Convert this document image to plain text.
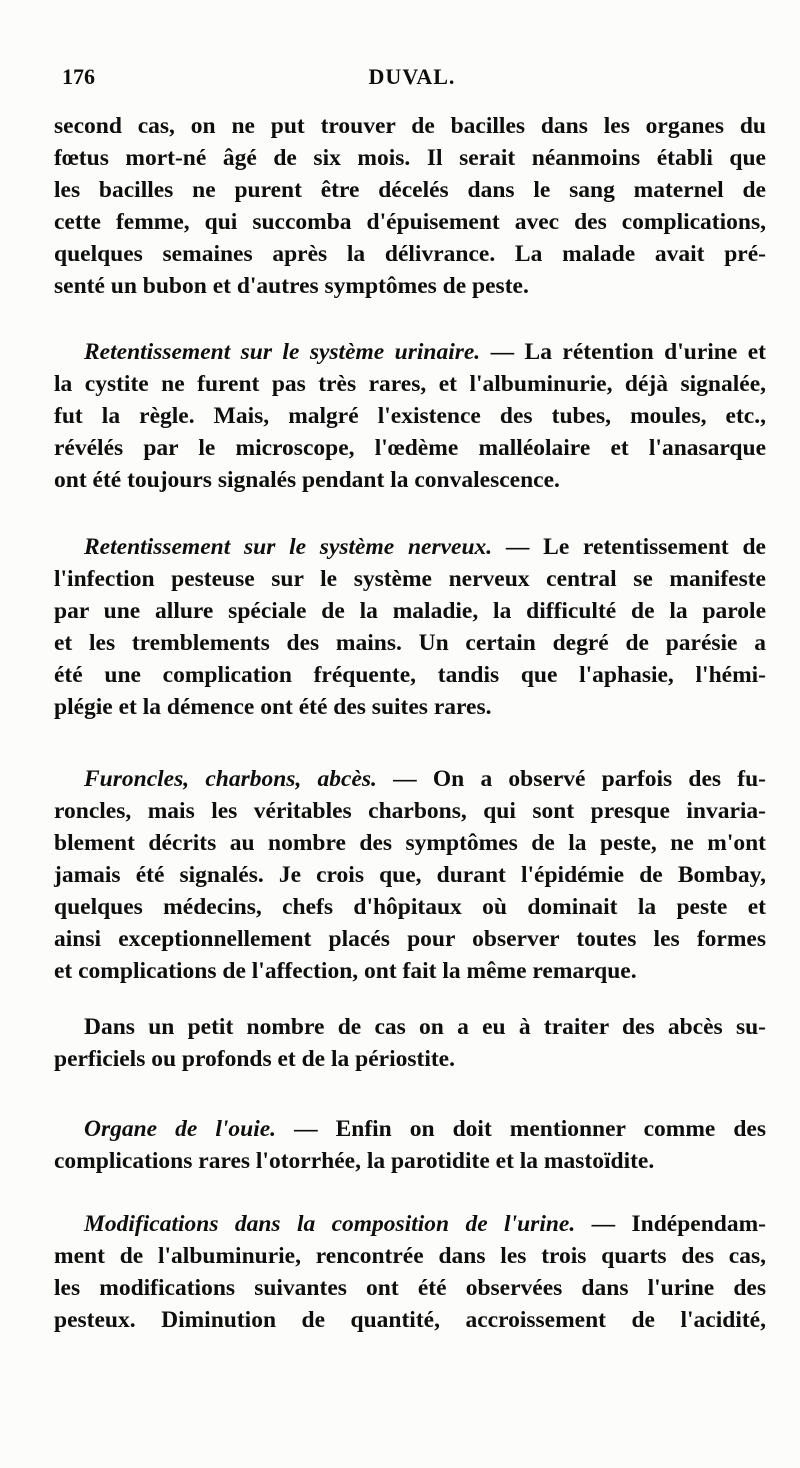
DUVAL.
176
second cas, on ne put trouver de bacilles dans les organes du
fœtus mort-né âgé de six mois. Il serait néanmoins établi que
les bacilles ne purent être décelés dans le sang maternel de
cette femme, qui succomba d'épuisement avec des complications,
quelques semaines après la délivrance. La malade avait pré-
senté un bubon et d'autres symptômes de peste.
Retentissement sur le système urinaire. — La rétention d'urine et
la cystite ne furent pas très rares, et l'albuminurie, déjà signalée,
fut la règle. Mais, malgré l'existence des tubes, moules, etc.,
révélés par le microscope, l'œdème malléolaire et l'anasarque
ont été toujours signalés pendant la convalescence.
Retentissement sur le système nerveux. — Le retentissement de
l'infection pesteuse sur le système nerveux central se manifeste
par une allure spéciale de la maladie, la difficulté de la parole
et les tremblements des mains. Un certain degré de parésie a
été une complication fréquente, tandis que l'aphasie, l'hémi-
plégie et la démence ont été des suites rares.
Furoncles, charbons, abcès. — On a observé parfois des fu-
roncles, mais les véritables charbons, qui sont presque invaria-
blement décrits au nombre des symptômes de la peste, ne m'ont
jamais été signalés. Je crois que, durant l'épidémie de Bombay,
quelques médecins, chefs d'hôpitaux où dominait la peste et
ainsi exceptionnellement placés pour observer toutes les formes
et complications de l'affection, ont fait la même remarque.
Dans un petit nombre de cas on a eu à traiter des abcès su-
perficiels ou profonds et de la périostite.
Organe de l'ouie. — Enfin on doit mentionner comme des
complications rares l'otorrhée, la parotidite et la mastoïdite.
Modifications dans la composition de l'urine. — Indépendam-
ment de l'albuminurie, rencontrée dans les trois quarts des cas,
les modifications suivantes ont été observées dans l'urine des
pesteux. Diminution de quantité, accroissement de l'acidité,
